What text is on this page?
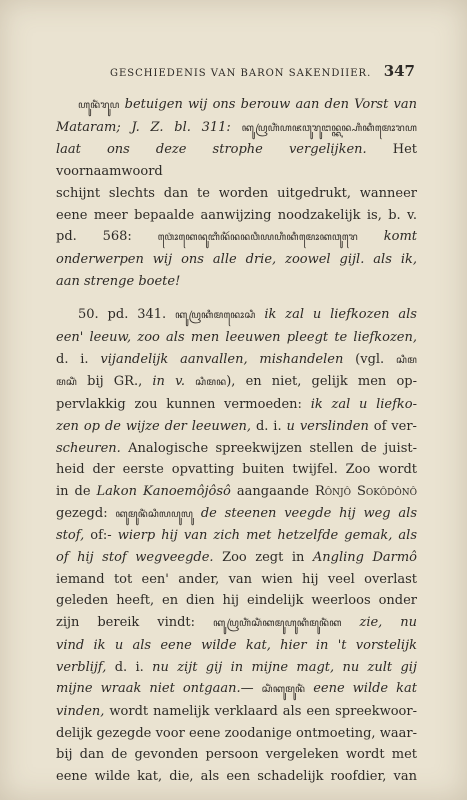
GESCHIEDENIS VAN BARON SAKENDIIER. 347
ꦲꦸꦤꦶꦁꦫꦸꦥ betuigen wij ons berouw aan den Vorst van
Mataram; J. Z. bl. 311: ꦏꦸꦥꦿꦲꦶꦁꦲꦗꦮꦸꦫꦸꦔꦤ꧀ꦏꦤ꧀ꦲꦶꦏꦶꦩꦺꦴꦫꦲ
laat ons deze strophe vergelijken. Het voornaamwoord
schijnt slechts dan te worden uitgedrukt, wanneer
eene meer bepaalde aanwijzing noodzakelijk is, b. v.
pd. 568:	ꦮꦺꦴꦁꦏꦺꦤꦸꦧꦶꦤꦶꦂꦤꦤꦮꦶꦪꦲꦶꦏꦶꦩꦺꦴꦏꦮꦸꦫꦺ komt
onderwerpen wij ons alle drie, zoowel gijl. als ik,
aan strenge boete!
50. pd. 341. ꦏꦸꦥꦿꦏꦶꦩꦤꦺꦴꦱꦶ ik zal u liefkozen als
een' leeuw, zoo als men leeuwen pleegt te liefkozen,
d. i. vijandelijk aanvallen, mishandelen (vgl. ꦱꦶꦩ
ꦩꦱꦶꦁ bij GR., in v. ꦱꦶꦩꦤ), en niet, gelijk men op-
pervlakkig zou kunnen vermoeden: ik zal u liefko-
zen op de wijze der leeuwen, d. i. u verslinden of ver-
scheuren. Analogische spreekwijzen stellen de juist-
heid der eerste opvatting buiten twijfel. Zoo wordt
in de Lakon Kanoemôjôsô aangaande Rônjô Sokôdônô
gezegd: ꦏꦸꦩꦸꦤꦶꦁꦱꦶꦭꦥꦸꦭꦸ de steenen veegde hij weg als
stof, of:- wierp hij van zich met hetzelfde gemak, als
of hij stof wegveegde. Zoo zegt in Angling Darmô
iemand tot een' ander, van wien hij veel overlast
geleden heeft, en dien hij eindelijk weerloos onder
zijn bereik vindt: ꦏꦸꦥꦿꦲꦶꦁꦱꦶꦁꦏꦩꦸꦲꦸꦏꦶꦩꦸꦤꦶꦁꦏ zie, nu
vind ik u als eene wilde kat, hier in 't vorstelijk
verblijf, d. i. nu zijt gij in mijne magt, nu zult gij
mijne wraak niet ontgaan.— ꦱꦶꦁꦏꦸꦩꦸꦤꦶꦁ eene wilde kat
vinden, wordt namelijk verklaard als een spreekwoor-
delijk gezegde voor eene zoodanige ontmoeting, waar-
bij dan de gevonden persoon vergeleken wordt met
eene wilde kat, die, als een schadelijk roofdier, van
